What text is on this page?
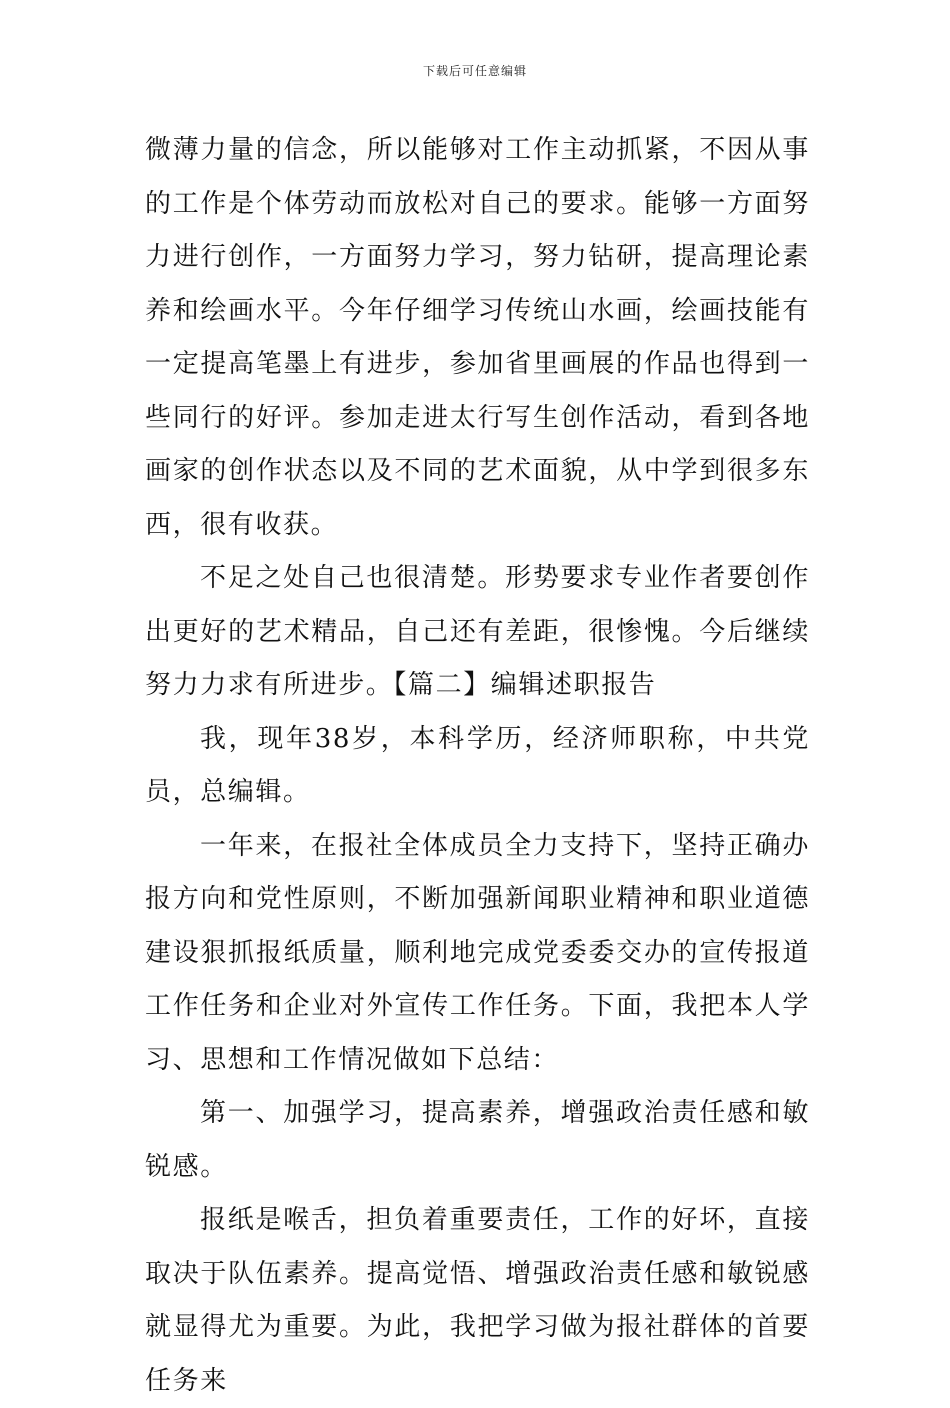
下载后可任意编辑

微薄力量的信念，所以能够对工作主动抓紧，不因从事的工作是个体劳动而放松对自己的要求。能够一方面努力进行创作，一方面努力学习，努力钻研，提高理论素养和绘画水平。今年仔细学习传统山水画，绘画技能有一定提高笔墨上有进步，参加省里画展的作品也得到一些同行的好评。参加走进太行写生创作活动，看到各地画家的创作状态以及不同的艺术面貌，从中学到很多东西，很有收获。

不足之处自己也很清楚。形势要求专业作者要创作出更好的艺术精品，自己还有差距，很惨愧。今后继续努力力求有所进步。【篇二】编辑述职报告

我，现年38岁，本科学历，经济师职称，中共党员，总编辑。

一年来，在报社全体成员全力支持下，坚持正确办报方向和党性原则，不断加强新闻职业精神和职业道德建设狠抓报纸质量，顺利地完成党委委交办的宣传报道工作任务和企业对外宣传工作任务。下面，我把本人学习、思想和工作情况做如下总结：

第一、加强学习，提高素养，增强政治责任感和敏锐感。

报纸是喉舌，担负着重要责任，工作的好坏，直接取决于队伍素养。提高觉悟、增强政治责任感和敏锐感就显得尤为重要。为此，我把学习做为报社群体的首要任务来
